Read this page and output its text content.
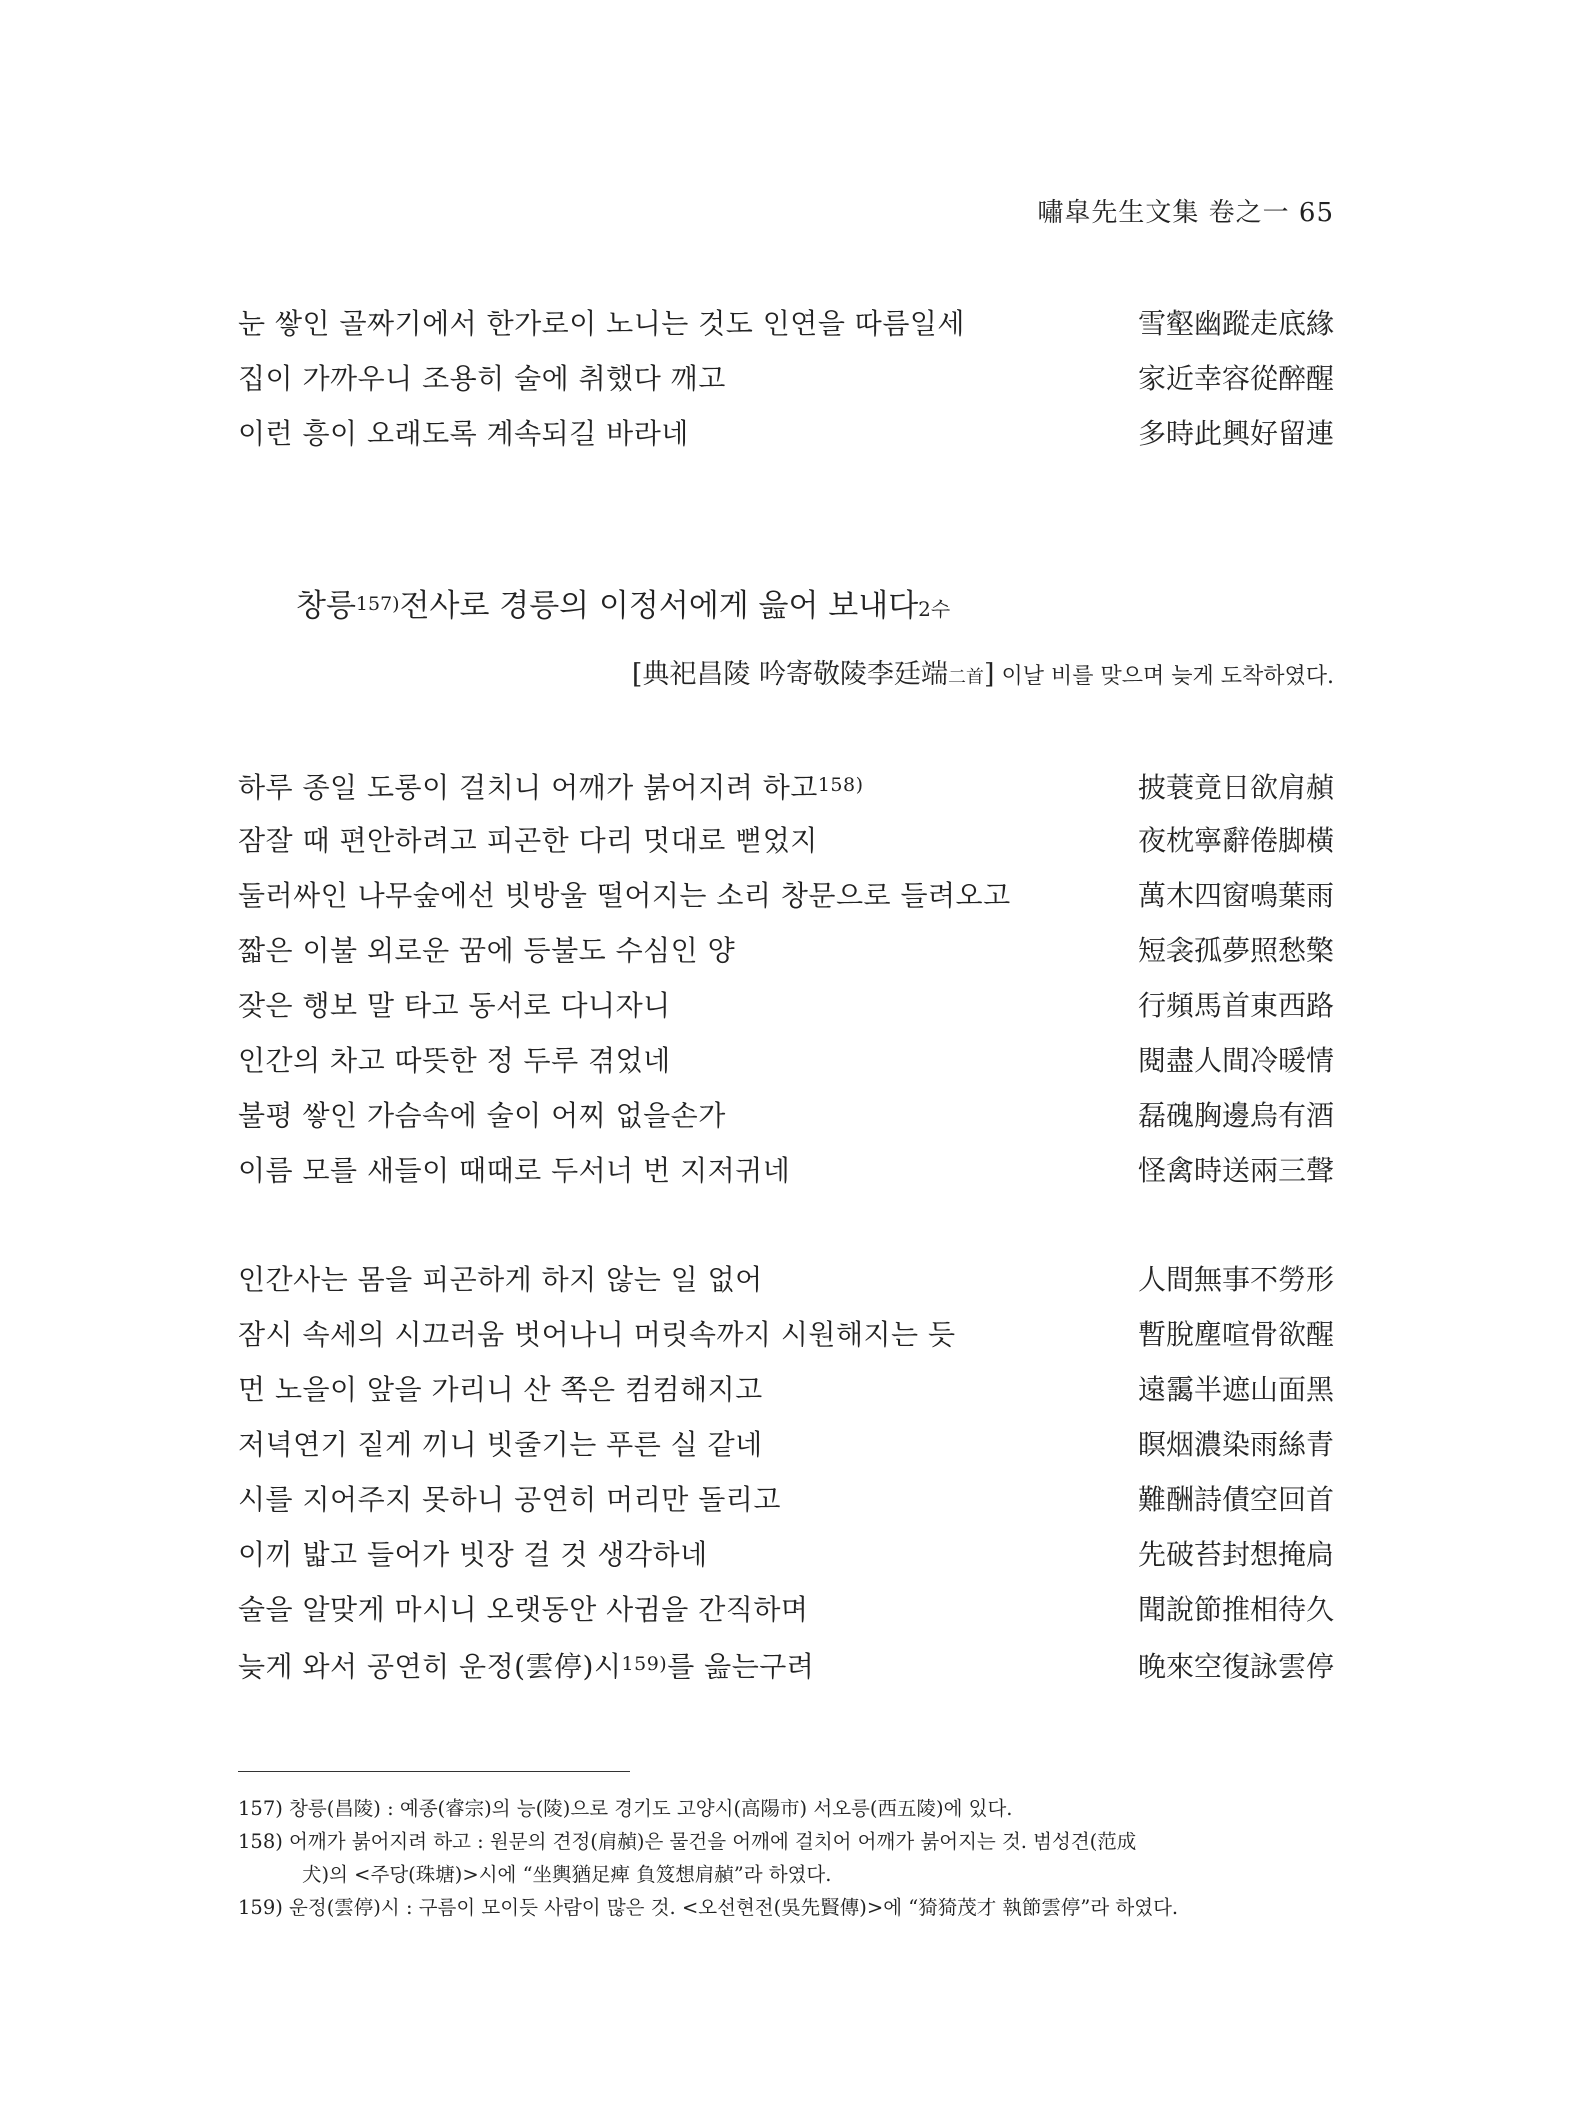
嘯皐先生文集 卷之一 65
눈 쌓인 골짜기에서 한가로이 노니는 것도 인연을 따름일세	雪壑幽蹤走底緣
집이 가까우니 조용히 술에 취했다 깨고	家近幸容從醉醒
이런 흥이 오래도록 계속되길 바라네	多時此興好留連
창릉$^{157)}$전사로 경릉의 이정서에게 읊어 보내다2수
[典祀昌陵 吟寄敬陵李廷端二首] 이날 비를 맞으며 늦게 도착하였다.
하루 종일 도롱이 걸치니 어깨가 붉어지려 하고$^{158)}$	披蓑竟日欲肩赬
잠잘 때 편안하려고 피곤한 다리 멋대로 뻗었지	夜枕寧辭倦脚橫
둘러싸인 나무숲에선 빗방울 떨어지는 소리 창문으로 들려오고	萬木四窗鳴葉雨
짧은 이불 외로운 꿈에 등불도 수심인 양	短衾孤夢照愁檠
잦은 행보 말 타고 동서로 다니자니	行頻馬首東西路
인간의 차고 따뜻한 정 두루 겪었네	閱盡人間冷暖情
불평 쌓인 가슴속에 술이 어찌 없을손가	磊磈胸邊烏有酒
이름 모를 새들이 때때로 두서너 번 지저귀네	怪禽時送兩三聲
인간사는 몸을 피곤하게 하지 않는 일 없어	人間無事不勞形
잠시 속세의 시끄러움 벗어나니 머릿속까지 시원해지는 듯	暫脫塵喧骨欲醒
먼 노을이 앞을 가리니 산 쪽은 컴컴해지고	遠靄半遮山面黑
저녁연기 짙게 끼니 빗줄기는 푸른 실 같네	瞑烟濃染雨絲青
시를 지어주지 못하니 공연히 머리만 돌리고	難酬詩債空回首
이끼 밟고 들어가 빗장 걸 것 생각하네	先破苔封想掩扃
술을 알맞게 마시니 오랫동안 사귐을 간직하며	聞說節推相待久
늦게 와서 공연히 운정(雲停)시$^{159)}$를 읊는구려	晚來空復詠雲停
157) 창릉(昌陵) : 예종(睿宗)의 능(陵)으로 경기도 고양시(高陽市) 서오릉(西五陵)에 있다.
158) 어깨가 붉어지려 하고 : 원문의 견정(肩赬)은 물건을 어깨에 걸치어 어깨가 붉어지는 것. 범성견(范成
犬)의 <주당(珠塘)>시에 “坐輿猶足痺 負笈想肩赬”라 하였다.
159) 운정(雲停)시 : 구름이 모이듯 사람이 많은 것. <오선현전(吳先賢傳)>에 “猗猗茂才 執節雲停”라 하였다.
